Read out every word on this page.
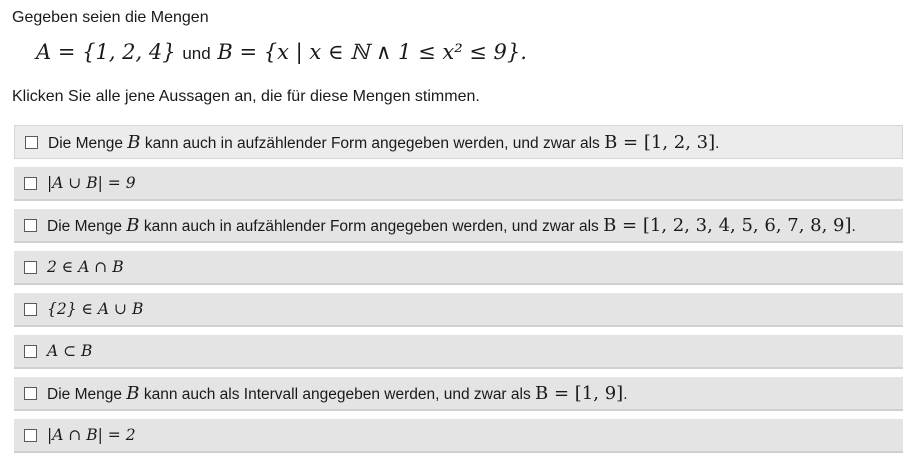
Gegeben seien die Mengen
A = {1, 2, 4} und B = {x | x ∈ ℕ ∧ 1 ≤ x² ≤ 9}.
Klicken Sie alle jene Aussagen an, die für diese Mengen stimmen.
Die Menge B kann auch in aufzählender Form angegeben werden, und zwar als B = [1, 2, 3].
|A ∪ B| = 9
Die Menge B kann auch in aufzählender Form angegeben werden, und zwar als B = [1, 2, 3, 4, 5, 6, 7, 8, 9].
2 ∈ A ∩ B
{2} ∈ A ∪ B
A ⊂ B
Die Menge B kann auch als Intervall angegeben werden, und zwar als B = [1, 9].
|A ∩ B| = 2
